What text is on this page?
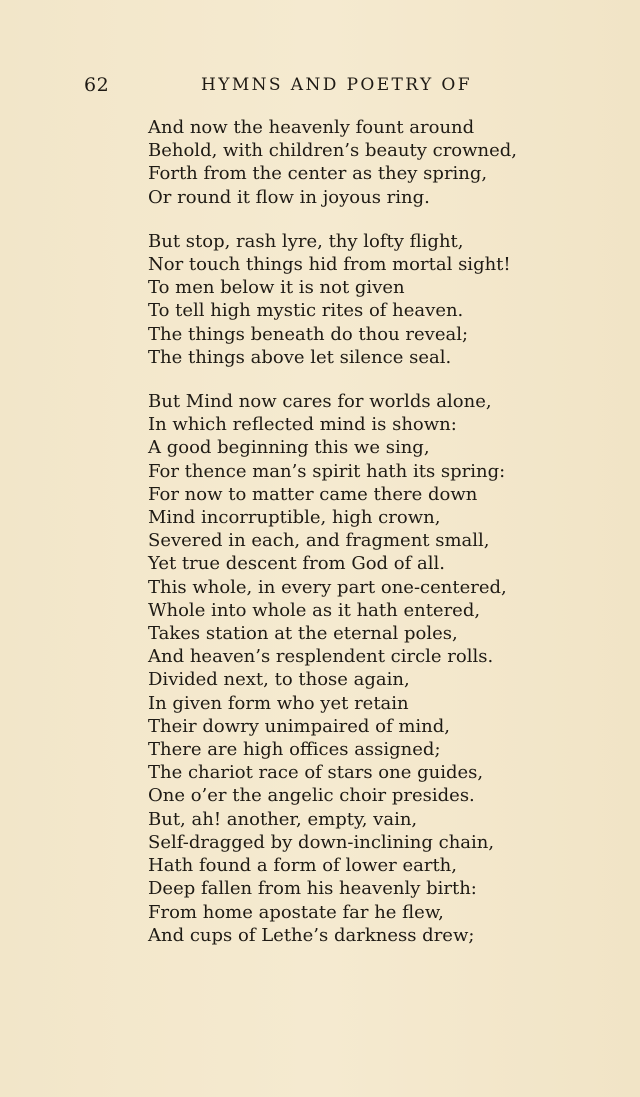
62	HYMNS AND POETRY OF
And now the heavenly fount around
Behold, with children’s beauty crowned,
Forth from the center as they spring,
Or round it flow in joyous ring.
But stop, rash lyre, thy lofty flight,
Nor touch things hid from mortal sight!
To men below it is not given
To tell high mystic rites of heaven.
The things beneath do thou reveal;
The things above let silence seal.
But Mind now cares for worlds alone,
In which reflected mind is shown:
A good beginning this we sing,
For thence man’s spirit hath its spring:
For now to matter came there down
Mind incorruptible, high crown,
Severed in each, and fragment small,
Yet true descent from God of all.
This whole, in every part one-centered,
Whole into whole as it hath entered,
Takes station at the eternal poles,
And heaven’s resplendent circle rolls.
Divided next, to those again,
In given form who yet retain
Their dowry unimpaired of mind,
There are high offices assigned;
The chariot race of stars one guides,
One o’er the angelic choir presides.
But, ah! another, empty, vain,
Self-dragged by down-inclining chain,
Hath found a form of lower earth,
Deep fallen from his heavenly birth:
From home apostate far he flew,
And cups of Lethe’s darkness drew;
